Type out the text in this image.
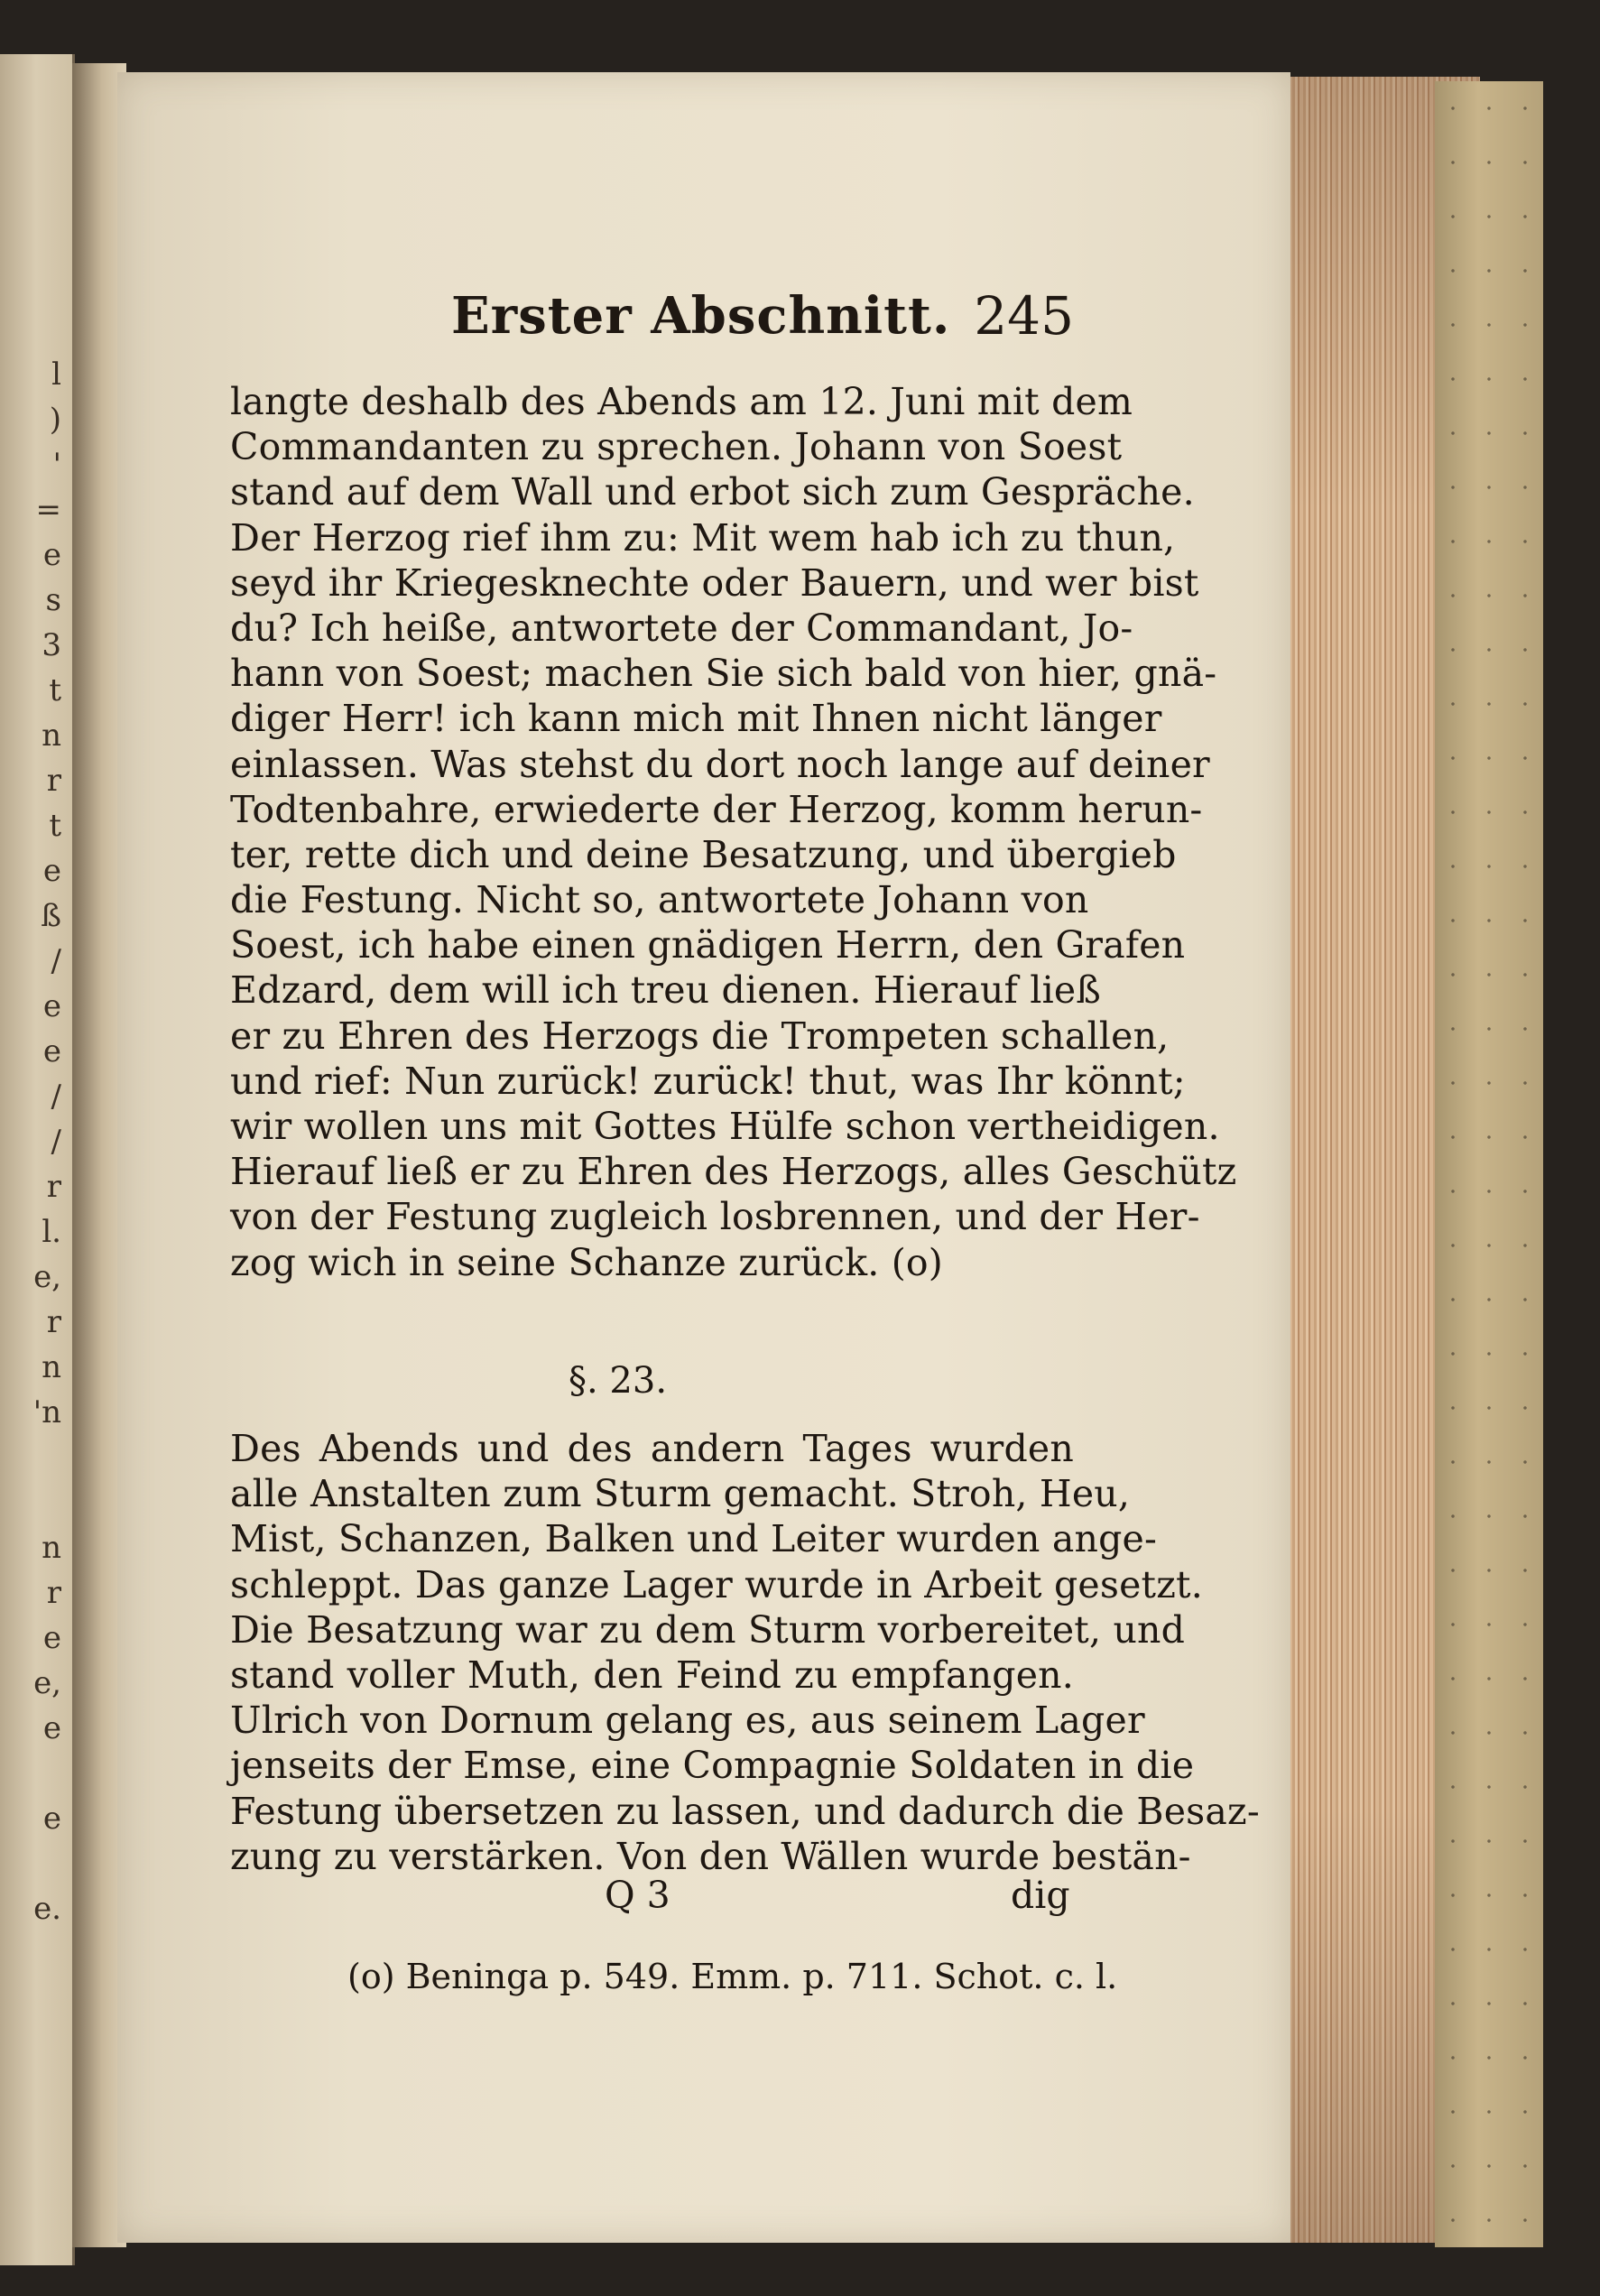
l
)
'
=
e
s
3
t
n
r
t
e
ß
/
e
e
/
/
r
l.
e,
r
n
'n
n
r
e
e,
e
e
e.
Erster Abschnitt. 245
langte deshalb des Abends am 12. Juni mit dem
Commandanten zu sprechen. Johann von Soest
stand auf dem Wall und erbot sich zum Gespräche.
Der Herzog rief ihm zu: Mit wem hab ich zu thun,
seyd ihr Kriegesknechte oder Bauern, und wer bist
du? Ich heiße, antwortete der Commandant, Jo-
hann von Soest; machen Sie sich bald von hier, gnä-
diger Herr! ich kann mich mit Ihnen nicht länger
einlassen. Was stehst du dort noch lange auf deiner
Todtenbahre, erwiederte der Herzog, komm herun-
ter, rette dich und deine Besatzung, und übergieb
die Festung. Nicht so, antwortete Johann von
Soest, ich habe einen gnädigen Herrn, den Grafen
Edzard, dem will ich treu dienen. Hierauf ließ
er zu Ehren des Herzogs die Trompeten schallen,
und rief: Nun zurück! zurück! thut, was Ihr könnt;
wir wollen uns mit Gottes Hülfe schon vertheidigen.
Hierauf ließ er zu Ehren des Herzogs, alles Geschütz
von der Festung zugleich losbrennen, und der Her-
zog wich in seine Schanze zurück. (o)
§. 23.
Des Abends und des andern Tages wurden
alle Anstalten zum Sturm gemacht. Stroh, Heu,
Mist, Schanzen, Balken und Leiter wurden ange-
schleppt. Das ganze Lager wurde in Arbeit gesetzt.
Die Besatzung war zu dem Sturm vorbereitet, und
stand voller Muth, den Feind zu empfangen.
Ulrich von Dornum gelang es, aus seinem Lager
jenseits der Emse, eine Compagnie Soldaten in die
Festung übersetzen zu lassen, und dadurch die Besaz-
zung zu verstärken. Von den Wällen wurde bestän-
Q 3	dig
(o) Beninga p. 549. Emm. p. 711. Schot. c. l.
